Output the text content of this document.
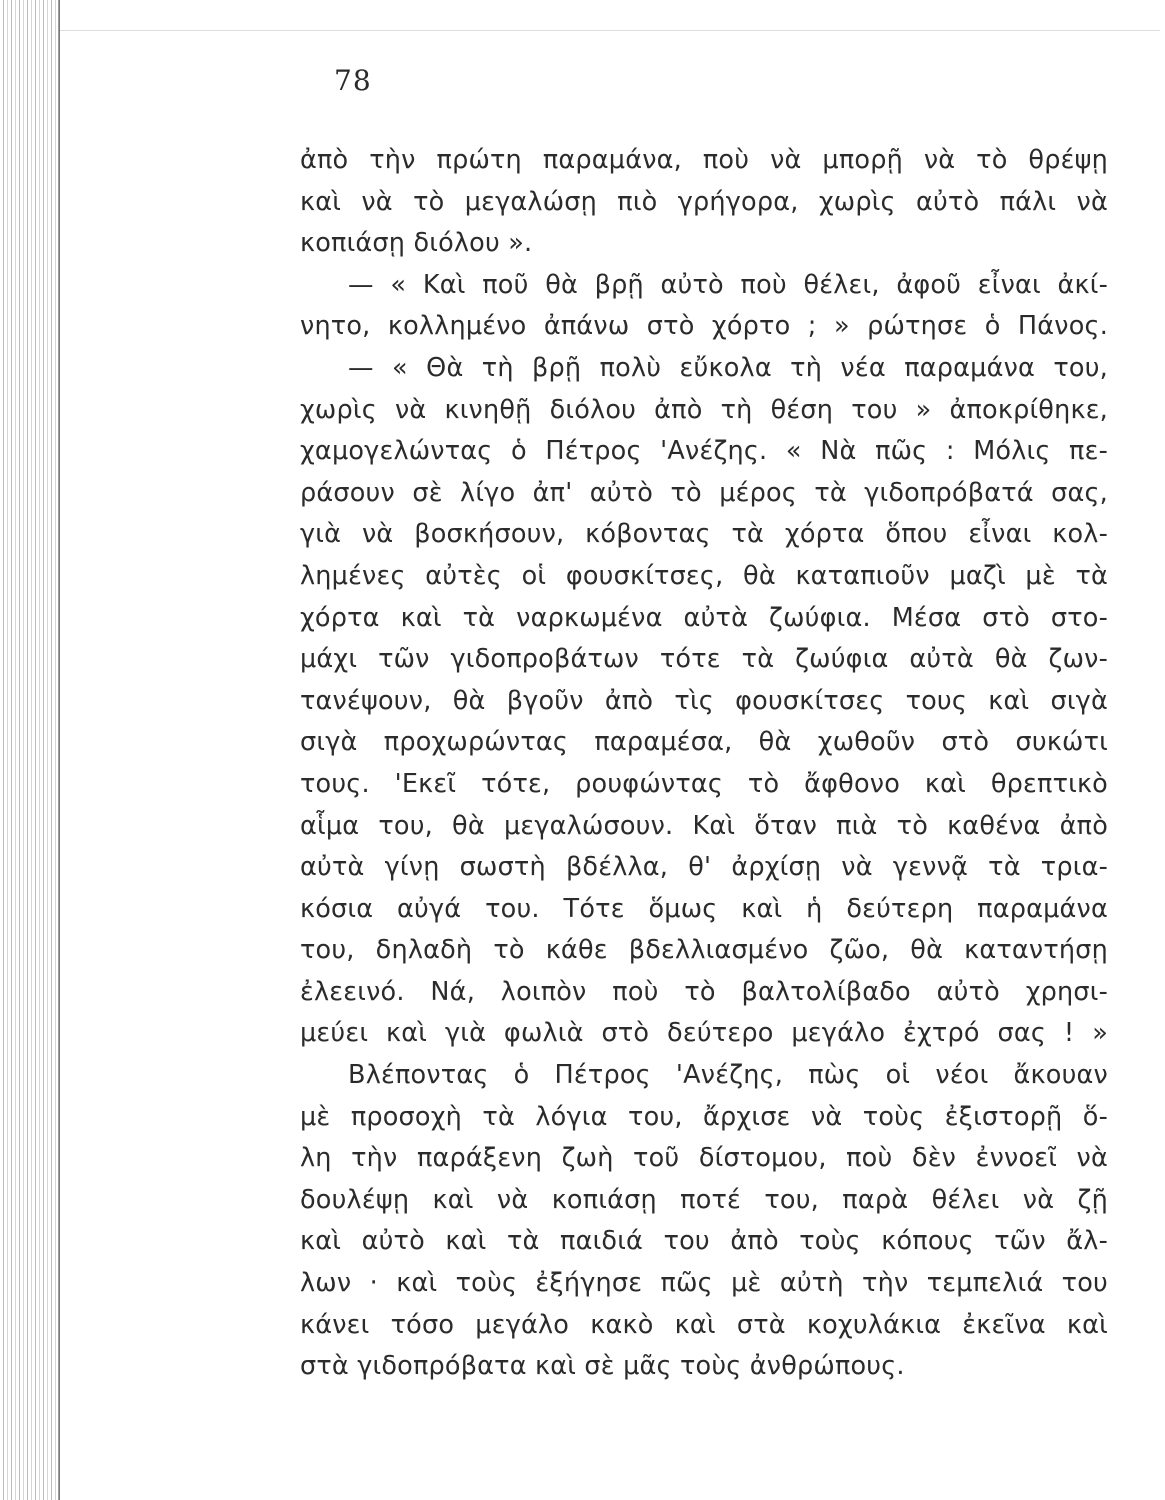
78
ἀπὸ τὴν πρώτη παραμάνα, ποὺ νὰ μπορῇ νὰ τὸ θρέψῃ
καὶ νὰ τὸ μεγαλώσῃ πιὸ γρήγορα, χωρὶς αὐτὸ πάλι νὰ
κοπιάσῃ διόλου ».
— « Καὶ ποῦ θὰ βρῇ αὐτὸ ποὺ θέλει, ἀφοῦ εἶναι ἀκί-
νητο, κολλημένο ἀπάνω στὸ χόρτο ; » ρώτησε ὁ Πάνος.
— « Θὰ τὴ βρῇ πολὺ εὔκολα τὴ νέα παραμάνα του,
χωρὶς νὰ κινηθῇ διόλου ἀπὸ τὴ θέση του » ἀποκρίθηκε,
χαμογελώντας ὁ Πέτρος 'Ανέζης. « Νὰ πῶς : Μόλις πε-
ράσουν σὲ λίγο ἀπ' αὐτὸ τὸ μέρος τὰ γιδοπρόβατά σας,
γιὰ νὰ βοσκήσουν, κόβοντας τὰ χόρτα ὅπου εἶναι κολ-
λημένες αὐτὲς οἱ φουσκίτσες, θὰ καταπιοῦν μαζὶ μὲ τὰ
χόρτα καὶ τὰ ναρκωμένα αὐτὰ ζωύφια. Μέσα στὸ στο-
μάχι τῶν γιδοπροβάτων τότε τὰ ζωύφια αὐτὰ θὰ ζων-
τανέψουν, θὰ βγοῦν ἀπὸ τὶς φουσκίτσες τους καὶ σιγὰ
σιγὰ προχωρώντας παραμέσα, θὰ χωθοῦν στὸ συκώτι
τους. 'Εκεῖ τότε, ρουφώντας τὸ ἄφθονο καὶ θρεπτικὸ
αἷμα του, θὰ μεγαλώσουν. Καὶ ὅταν πιὰ τὸ καθένα ἀπὸ
αὐτὰ γίνῃ σωστὴ βδέλλα, θ' ἀρχίσῃ νὰ γεννᾷ τὰ τρια-
κόσια αὐγά του. Τότε ὅμως καὶ ἡ δεύτερη παραμάνα
του, δηλαδὴ τὸ κάθε βδελλιασμένο ζῶο, θὰ καταντήσῃ
ἐλεεινό. Νά, λοιπὸν ποὺ τὸ βαλτολίβαδο αὐτὸ χρησι-
μεύει καὶ γιὰ φωλιὰ στὸ δεύτερο μεγάλο ἐχτρό σας ! »
Βλέποντας ὁ Πέτρος 'Ανέζης, πὼς οἱ νέοι ἄκουαν
μὲ προσοχὴ τὰ λόγια του, ἄρχισε νὰ τοὺς ἐξιστορῇ ὅ-
λη τὴν παράξενη ζωὴ τοῦ δίστομου, ποὺ δὲν ἐννοεῖ νὰ
δουλέψῃ καὶ νὰ κοπιάσῃ ποτέ του, παρὰ θέλει νὰ ζῇ
καὶ αὐτὸ καὶ τὰ παιδιά του ἀπὸ τοὺς κόπους τῶν ἄλ-
λων · καὶ τοὺς ἐξήγησε πῶς μὲ αὐτὴ τὴν τεμπελιά του
κάνει τόσο μεγάλο κακὸ καὶ στὰ κοχυλάκια ἐκεῖνα καὶ
στὰ γιδοπρόβατα καὶ σὲ μᾶς τοὺς ἀνθρώπους.
